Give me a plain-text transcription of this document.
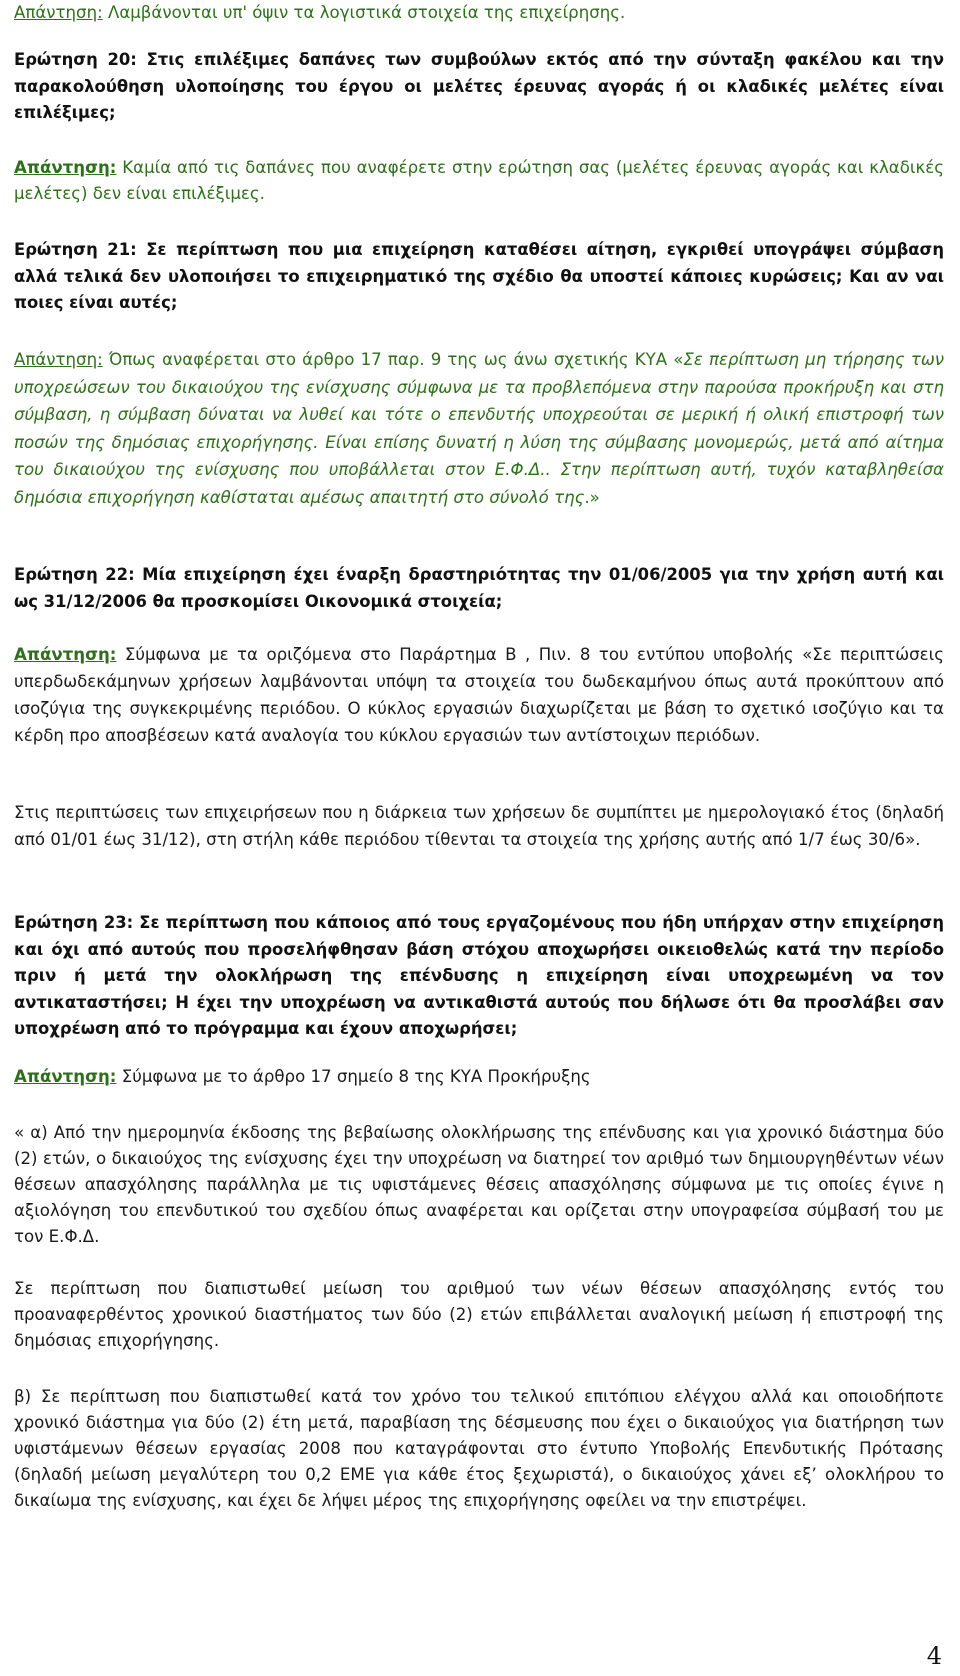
Απάντηση: Λαμβάνονται υπ' όψιν τα λογιστικά στοιχεία της επιχείρησης.

Ερώτηση 20: Στις επιλέξιμες δαπάνες των συμβούλων εκτός από την σύνταξη φακέλου και την παρακολούθηση υλοποίησης του έργου οι μελέτες έρευνας αγοράς ή οι κλαδικές μελέτες είναι επιλέξιμες;

Απάντηση: Καμία από τις δαπάνες που αναφέρετε στην ερώτηση σας (μελέτες έρευνας αγοράς και κλαδικές μελέτες) δεν είναι επιλέξιμες.

Ερώτηση 21: Σε περίπτωση που μια επιχείρηση καταθέσει αίτηση, εγκριθεί υπογράψει σύμβαση αλλά τελικά δεν υλοποιήσει το επιχειρηματικό της σχέδιο θα υποστεί κάποιες κυρώσεις; Και αν ναι ποιες είναι αυτές;

Απάντηση: Όπως αναφέρεται στο άρθρο 17 παρ. 9 της ως άνω σχετικής ΚΥΑ «Σε περίπτωση μη τήρησης των υποχρεώσεων του δικαιούχου της ενίσχυσης σύμφωνα με τα προβλεπόμενα στην παρούσα προκήρυξη και στη σύμβαση, η σύμβαση δύναται να λυθεί και τότε ο επενδυτής υποχρεούται σε μερική ή ολική επιστροφή των ποσών της δημόσιας επιχορήγησης. Είναι επίσης δυνατή η λύση της σύμβασης μονομερώς, μετά από αίτημα του δικαιούχου της ενίσχυσης που υποβάλλεται στον Ε.Φ.Δ.. Στην περίπτωση αυτή, τυχόν καταβληθείσα δημόσια επιχορήγηση καθίσταται αμέσως απαιτητή στο σύνολό της.»

Ερώτηση 22: Μία επιχείρηση έχει έναρξη δραστηριότητας την 01/06/2005 για την χρήση αυτή και ως 31/12/2006 θα προσκομίσει Οικονομικά στοιχεία;

Απάντηση: Σύμφωνα με τα οριζόμενα στο Παράρτημα Β , Πιν. 8 του εντύπου υποβολής «Σε περιπτώσεις υπερδωδεκάμηνων χρήσεων λαμβάνονται υπόψη τα στοιχεία του δωδεκαμήνου όπως αυτά προκύπτουν από ισοζύγια της συγκεκριμένης περιόδου. Ο κύκλος εργασιών διαχωρίζεται με βάση το σχετικό ισοζύγιο και τα κέρδη προ αποσβέσεων κατά αναλογία του κύκλου εργασιών των αντίστοιχων περιόδων.

Στις περιπτώσεις των επιχειρήσεων που η διάρκεια των χρήσεων δε συμπίπτει με ημερολογιακό έτος (δηλαδή από 01/01 έως 31/12), στη στήλη κάθε περιόδου τίθενται τα στοιχεία της χρήσης αυτής από 1/7 έως 30/6».

Ερώτηση 23: Σε περίπτωση που κάποιος από τους εργαζομένους που ήδη υπήρχαν στην επιχείρηση και όχι από αυτούς που προσελήφθησαν βάση στόχου αποχωρήσει οικειοθελώς κατά την περίοδο πριν ή μετά την ολοκλήρωση της επένδυσης η επιχείρηση είναι υποχρεωμένη να τον αντικαταστήσει; Η έχει την υποχρέωση να αντικαθιστά αυτούς που δήλωσε ότι θα προσλάβει σαν υποχρέωση από το πρόγραμμα και έχουν αποχωρήσει;

Απάντηση: Σύμφωνα με το άρθρο 17 σημείο 8 της ΚΥΑ Προκήρυξης

« α) Από την ημερομηνία έκδοσης της βεβαίωσης ολοκλήρωσης της επένδυσης και για χρονικό διάστημα δύο (2) ετών, ο δικαιούχος της ενίσχυσης έχει την υποχρέωση να διατηρεί τον αριθμό των δημιουργηθέντων νέων θέσεων απασχόλησης παράλληλα με τις υφιστάμενες θέσεις απασχόλησης σύμφωνα με τις οποίες έγινε η αξιολόγηση του επενδυτικού του σχεδίου όπως αναφέρεται και ορίζεται στην υπογραφείσα σύμβασή του με τον Ε.Φ.Δ.

Σε περίπτωση που διαπιστωθεί μείωση του αριθμού των νέων θέσεων απασχόλησης εντός του προαναφερθέντος χρονικού διαστήματος των δύο (2) ετών επιβάλλεται αναλογική μείωση ή επιστροφή της δημόσιας επιχορήγησης.

β) Σε περίπτωση που διαπιστωθεί κατά τον χρόνο του τελικού επιτόπιου ελέγχου αλλά και οποιοδήποτε χρονικό διάστημα για δύο (2) έτη μετά, παραβίαση της δέσμευσης που έχει ο δικαιούχος για διατήρηση των υφιστάμενων θέσεων εργασίας 2008 που καταγράφονται στο έντυπο Υποβολής Επενδυτικής Πρότασης (δηλαδή μείωση μεγαλύτερη του 0,2 ΕΜΕ για κάθε έτος ξεχωριστά), ο δικαιούχος χάνει εξ’ ολοκλήρου το δικαίωμα της ενίσχυσης, και έχει δε λήψει μέρος της επιχορήγησης οφείλει να την επιστρέψει.

4
